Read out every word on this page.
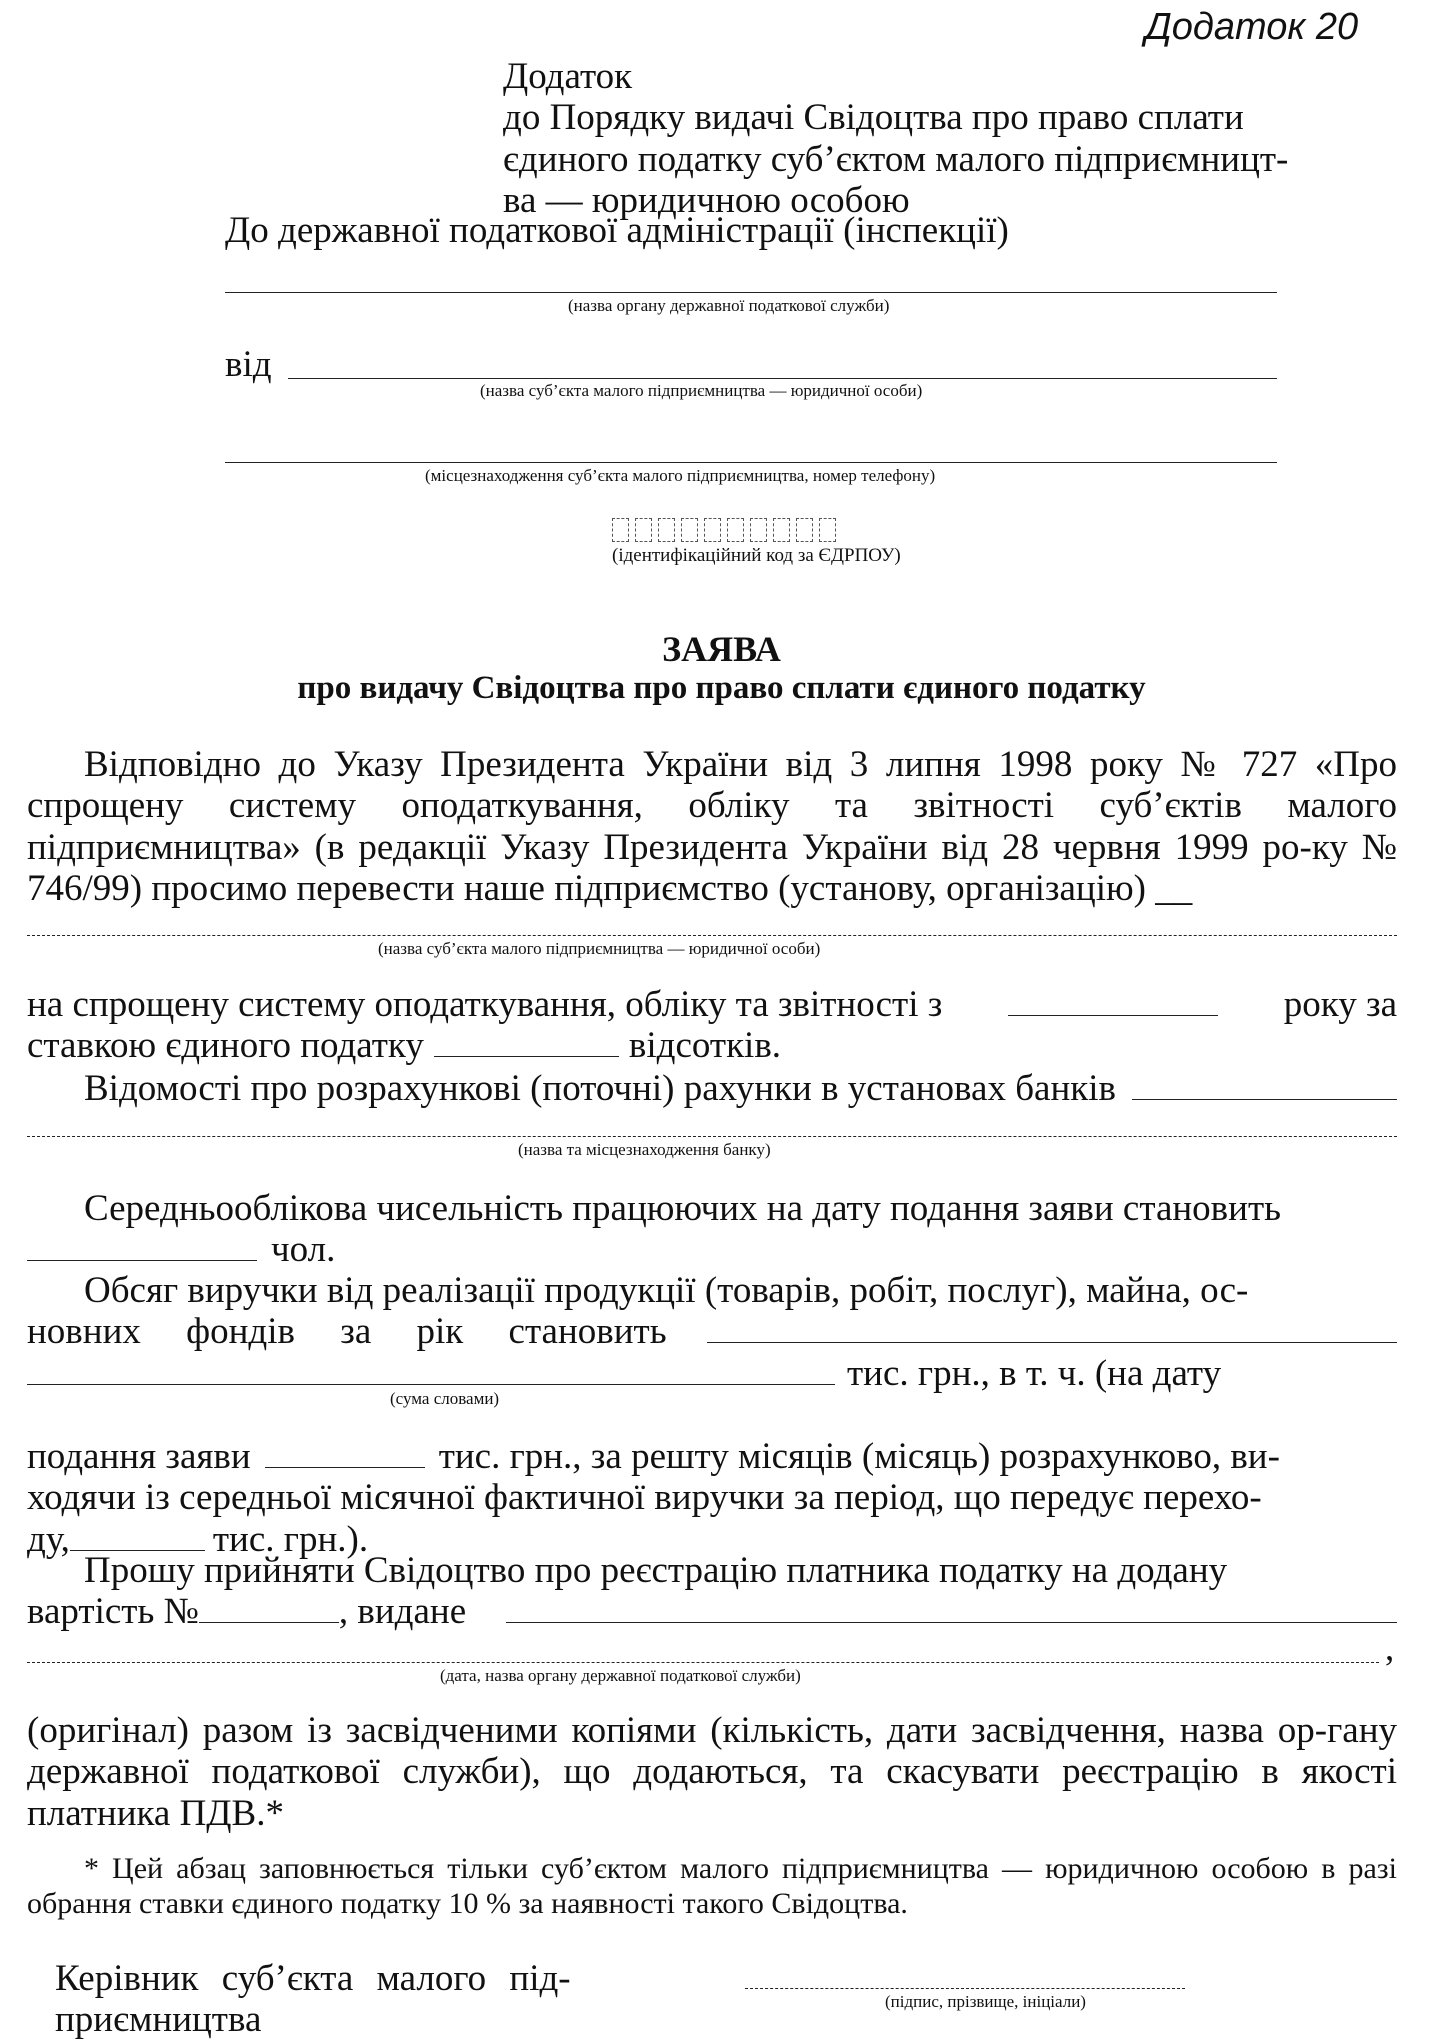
Додаток 20
Додаток
до Порядку видачі Свідоцтва про право сплати
єдиного податку суб’єктом малого підприємницт-
ва — юридичною особою
До державної податкової адміністрації (інспекції)
(назва органу державної податкової служби)
від
(назва суб’єкта малого підприємництва — юридичної особи)
(місцезнаходження суб’єкта малого підприємництва, номер телефону)
(ідентифікаційний код за ЄДРПОУ)
ЗАЯВА
про видачу Свідоцтва про право сплати єдиного податку
Відповідно до Указу Президента України від 3 липня 1998 року № 727 «Про спрощену систему оподаткування, обліку та звітності суб’єктів малого підприємництва» (в редакції Указу Президента України від 28 червня 1999 ро-ку № 746/99) просимо перевести наше підприємство (установу, організацію) __
(назва суб’єкта малого підприємництва — юридичної особи)
на спрощену систему оподаткування, обліку та звітності з	року за
ставкою єдиного податку	відсотків.
Відомості про розрахункові (поточні) рахунки в установах банків
(назва та місцезнаходження банку)
Середньооблікова чисельність працюючих на дату подання заяви становить
чол.
Обсяг виручки від реалізації продукції (товарів, робіт, послуг), майна, ос-
новних фондів за рік становить
тис. грн., в т. ч. (на дату
(сума словами)
подання заяви	тис. грн., за решту місяців (місяць) розрахунково, ви-
ходячи із середньої місячної фактичної виручки за період, що передує перехо-
ду,	тис. грн.).
Прошу прийняти Свідоцтво про реєстрацію платника податку на додану
вартість №	, видане
,
(дата, назва органу державної податкової служби)
(оригінал) разом із засвідченими копіями (кількість, дати засвідчення, назва ор-гану державної податкової служби), що додаються, та скасувати реєстрацію в якості платника ПДВ.*
* Цей абзац заповнюється тільки суб’єктом малого підприємництва — юридичною особою в разі обрання ставки єдиного податку 10 % за наявності такого Свідоцтва.
Керівник суб’єкта малого під-
приємництва	(підпис, прізвище, ініціали)
